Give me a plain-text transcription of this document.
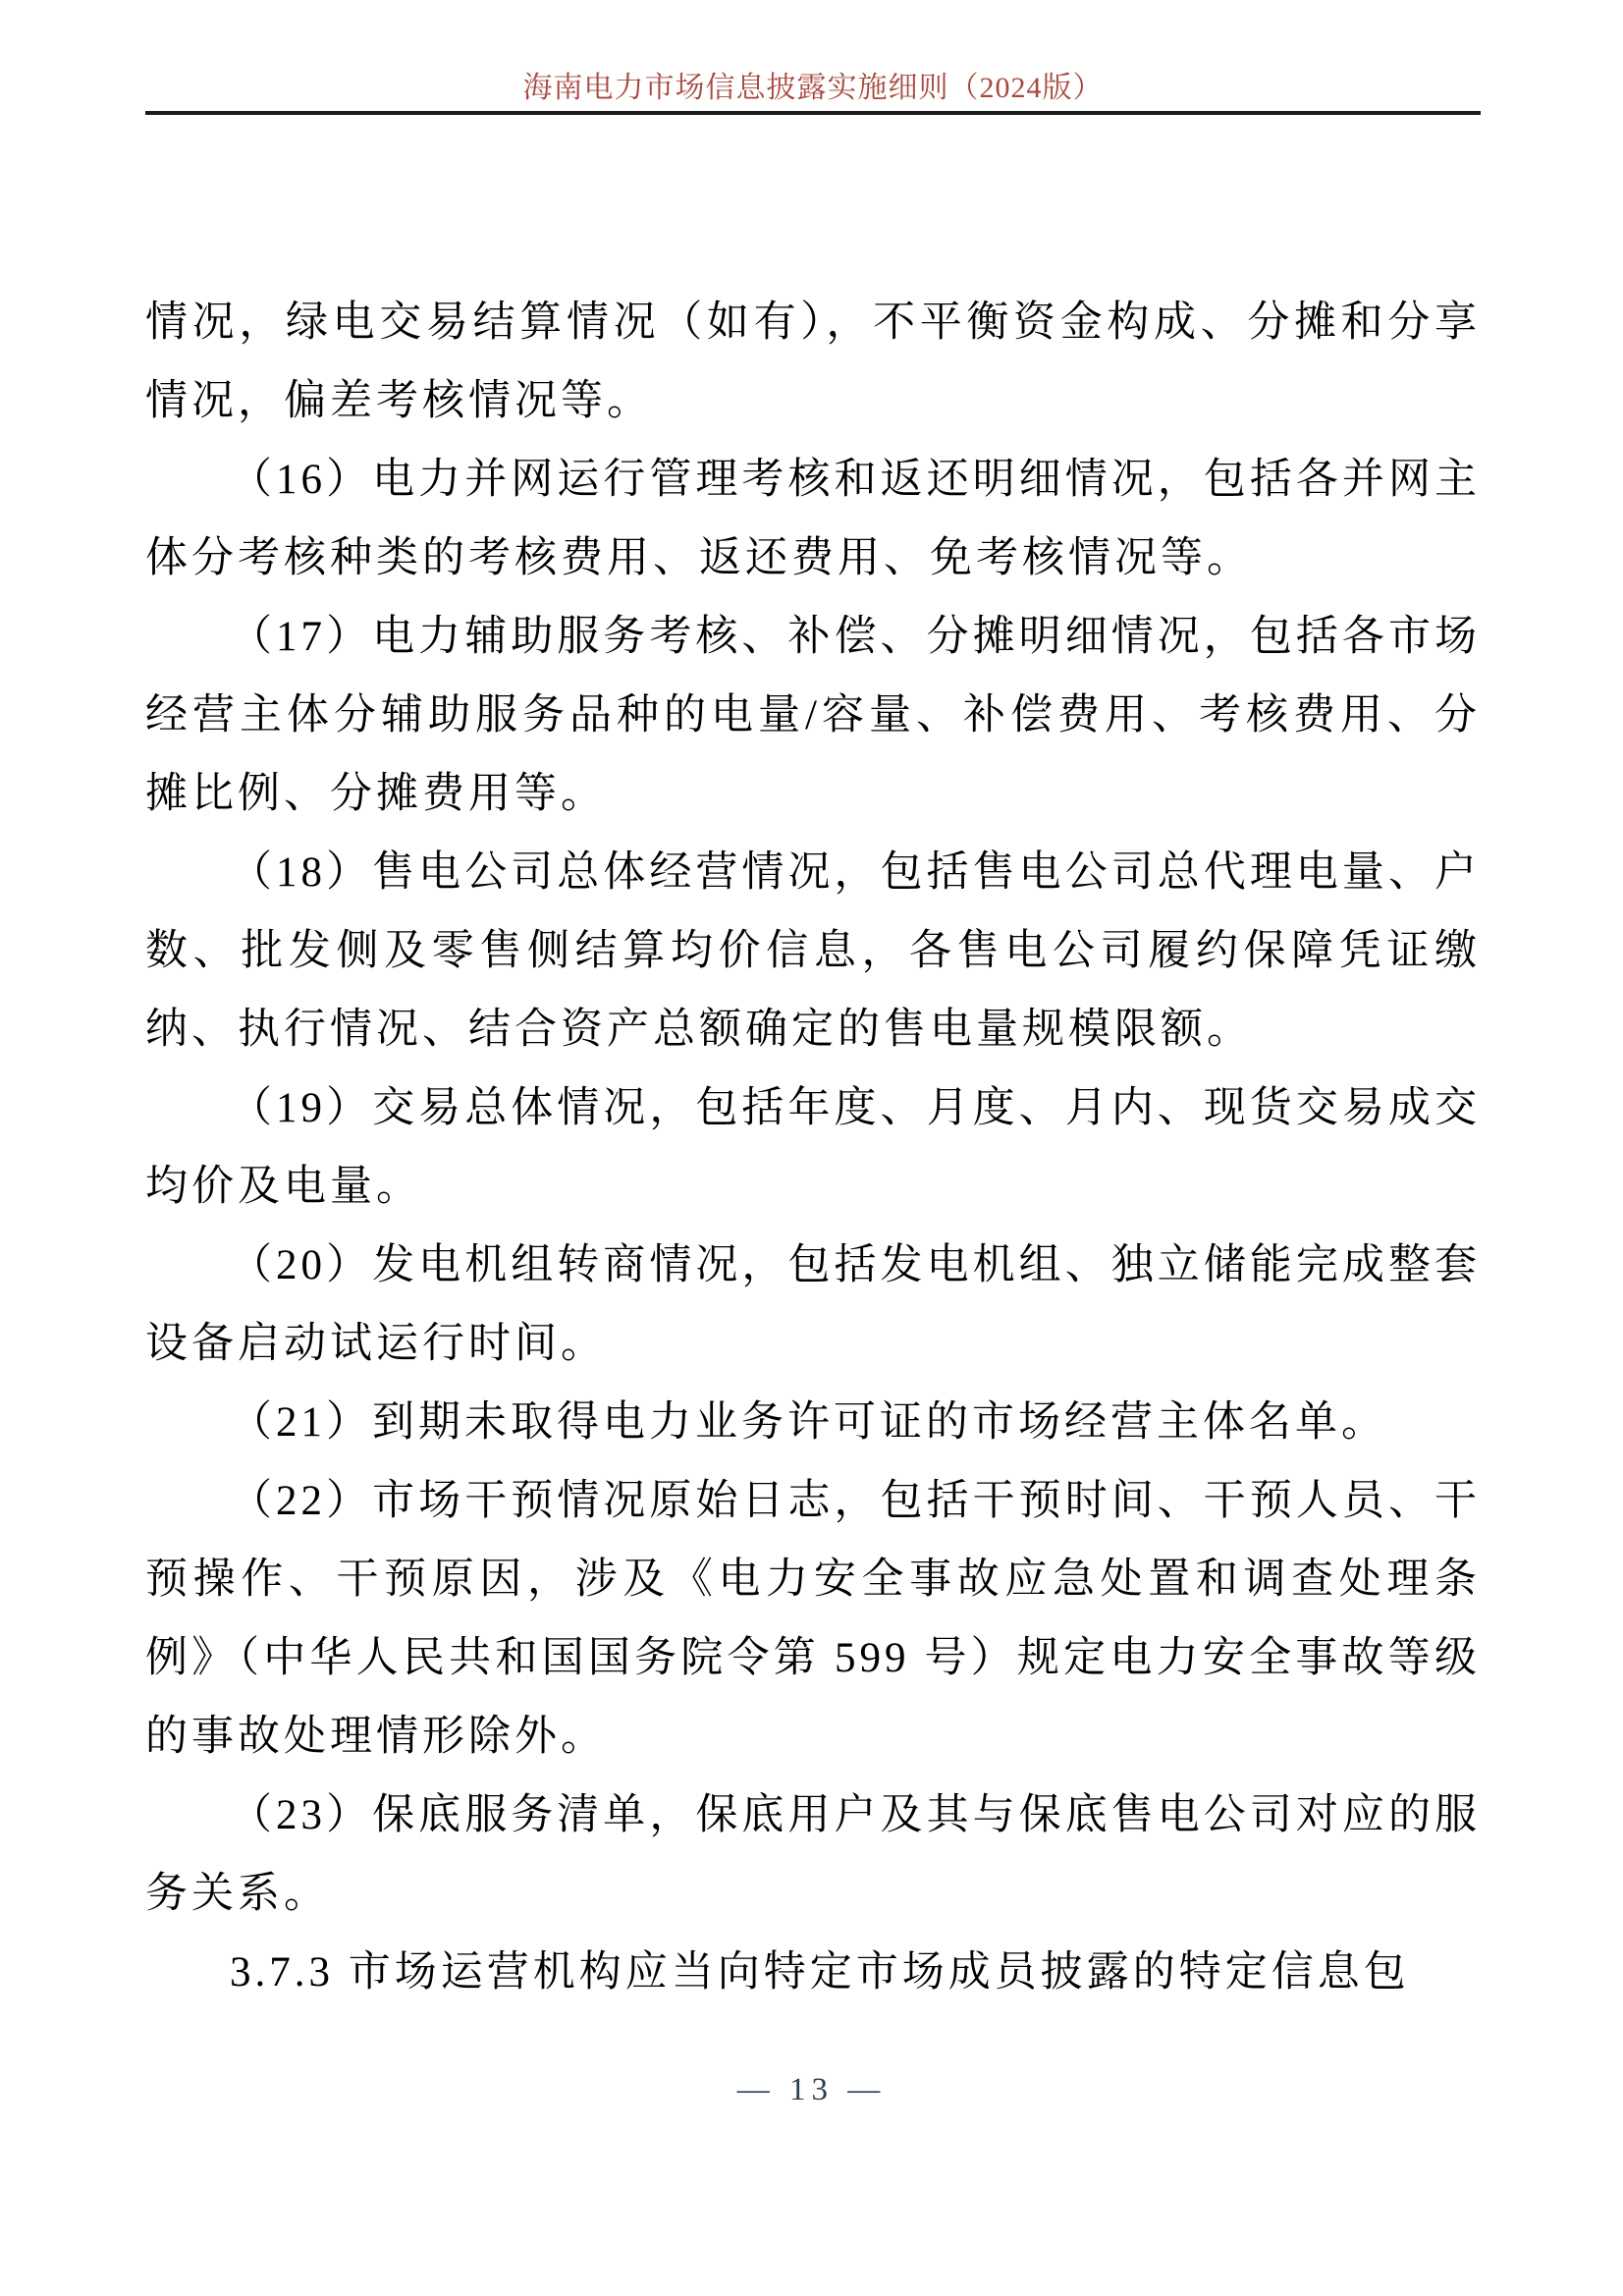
海南电力市场信息披露实施细则（2024版）

情况，绿电交易结算情况（如有），不平衡资金构成、分摊和分享情况，偏差考核情况等。

（16）电力并网运行管理考核和返还明细情况，包括各并网主体分考核种类的考核费用、返还费用、免考核情况等。

（17）电力辅助服务考核、补偿、分摊明细情况，包括各市场经营主体分辅助服务品种的电量/容量、补偿费用、考核费用、分摊比例、分摊费用等。

（18）售电公司总体经营情况，包括售电公司总代理电量、户数、批发侧及零售侧结算均价信息，各售电公司履约保障凭证缴纳、执行情况、结合资产总额确定的售电量规模限额。

（19）交易总体情况，包括年度、月度、月内、现货交易成交均价及电量。

（20）发电机组转商情况，包括发电机组、独立储能完成整套设备启动试运行时间。

（21）到期未取得电力业务许可证的市场经营主体名单。

（22）市场干预情况原始日志，包括干预时间、干预人员、干预操作、干预原因，涉及《电力安全事故应急处置和调查处理条例》（中华人民共和国国务院令第 599 号）规定电力安全事故等级的事故处理情形除外。

（23）保底服务清单，保底用户及其与保底售电公司对应的服务关系。

3.7.3 市场运营机构应当向特定市场成员披露的特定信息包

— 13 —
